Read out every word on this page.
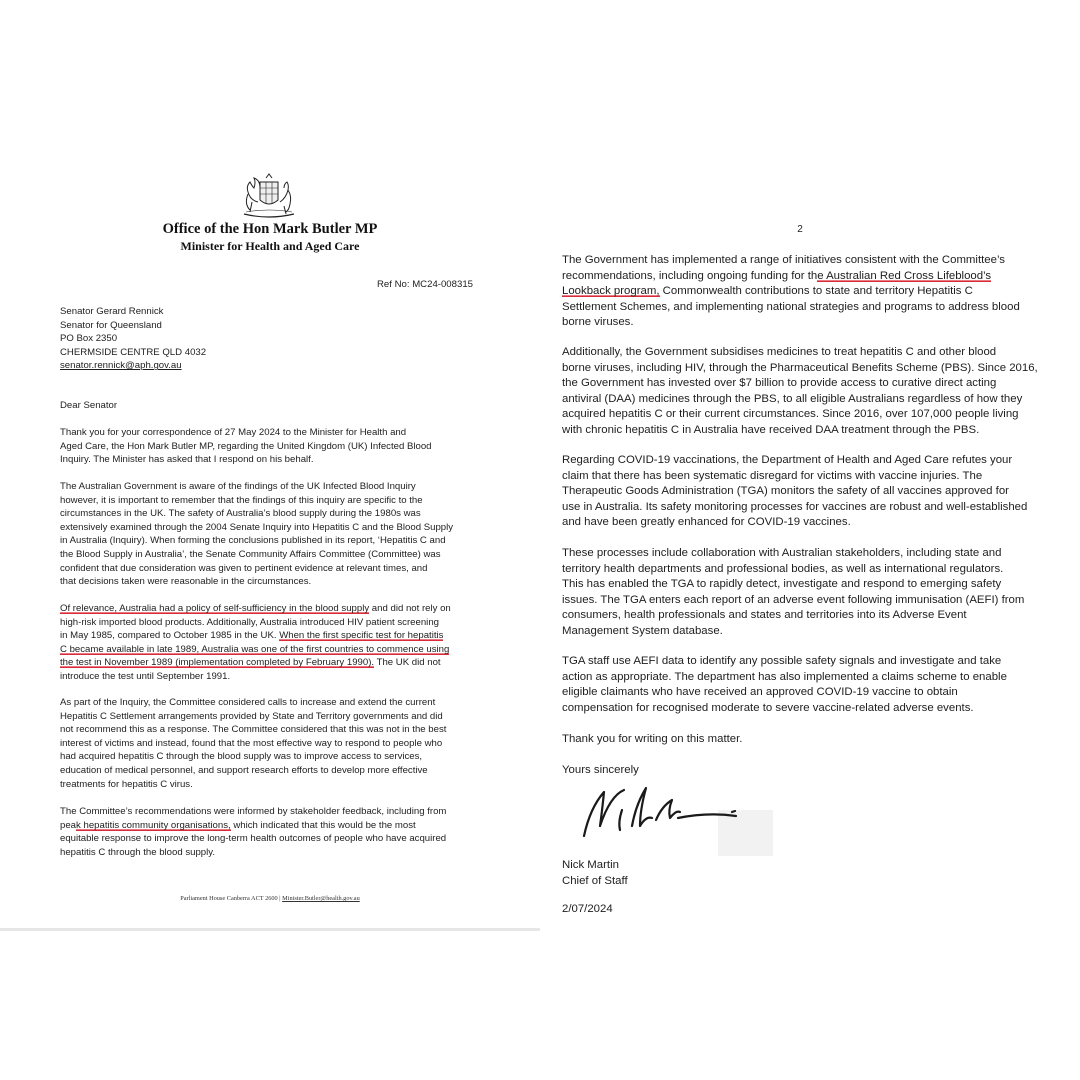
Office of the Hon Mark Butler MP
Minister for Health and Aged Care
Ref No: MC24-008315
Senator Gerard Rennick
Senator for Queensland
PO Box 2350
CHERMSIDE CENTRE QLD 4032
senator.rennick@aph.gov.au
Dear Senator
Thank you for your correspondence of 27 May 2024 to the Minister for Health and
Aged Care, the Hon Mark Butler MP, regarding the United Kingdom (UK) Infected Blood
Inquiry. The Minister has asked that I respond on his behalf.
The Australian Government is aware of the findings of the UK Infected Blood Inquiry
however, it is important to remember that the findings of this inquiry are specific to the
circumstances in the UK. The safety of Australia’s blood supply during the 1980s was
extensively examined through the 2004 Senate Inquiry into Hepatitis C and the Blood Supply
in Australia (Inquiry). When forming the conclusions published in its report, ‘Hepatitis C and
the Blood Supply in Australia’, the Senate Community Affairs Committee (Committee) was
confident that due consideration was given to pertinent evidence at relevant times, and
that decisions taken were reasonable in the circumstances.
Of relevance, Australia had a policy of self-sufficiency in the blood supply and did not rely on
high-risk imported blood products. Additionally, Australia introduced HIV patient screening
in May 1985, compared to October 1985 in the UK. When the first specific test for hepatitis
C became available in late 1989, Australia was one of the first countries to commence using
the test in November 1989 (implementation completed by February 1990). The UK did not
introduce the test until September 1991.
As part of the Inquiry, the Committee considered calls to increase and extend the current
Hepatitis C Settlement arrangements provided by State and Territory governments and did
not recommend this as a response. The Committee considered that this was not in the best
interest of victims and instead, found that the most effective way to respond to people who
had acquired hepatitis C through the blood supply was to improve access to services,
education of medical personnel, and support research efforts to develop more effective
treatments for hepatitis C virus.
The Committee’s recommendations were informed by stakeholder feedback, including from
peak hepatitis community organisations, which indicated that this would be the most
equitable response to improve the long-term health outcomes of people who have acquired
hepatitis C through the blood supply.
Parliament House Canberra ACT 2600 | Minister.Butler@health.gov.au
2
The Government has implemented a range of initiatives consistent with the Committee’s
recommendations, including ongoing funding for the Australian Red Cross Lifeblood’s
Lookback program, Commonwealth contributions to state and territory Hepatitis C
Settlement Schemes, and implementing national strategies and programs to address blood
borne viruses.
Additionally, the Government subsidises medicines to treat hepatitis C and other blood
borne viruses, including HIV, through the Pharmaceutical Benefits Scheme (PBS). Since 2016,
the Government has invested over $7 billion to provide access to curative direct acting
antiviral (DAA) medicines through the PBS, to all eligible Australians regardless of how they
acquired hepatitis C or their current circumstances. Since 2016, over 107,000 people living
with chronic hepatitis C in Australia have received DAA treatment through the PBS.
Regarding COVID-19 vaccinations, the Department of Health and Aged Care refutes your
claim that there has been systematic disregard for victims with vaccine injuries. The
Therapeutic Goods Administration (TGA) monitors the safety of all vaccines approved for
use in Australia. Its safety monitoring processes for vaccines are robust and well-established
and have been greatly enhanced for COVID-19 vaccines.
These processes include collaboration with Australian stakeholders, including state and
territory health departments and professional bodies, as well as international regulators.
This has enabled the TGA to rapidly detect, investigate and respond to emerging safety
issues. The TGA enters each report of an adverse event following immunisation (AEFI) from
consumers, health professionals and states and territories into its Adverse Event
Management System database.
TGA staff use AEFI data to identify any possible safety signals and investigate and take
action as appropriate. The department has also implemented a claims scheme to enable
eligible claimants who have received an approved COVID-19 vaccine to obtain
compensation for recognised moderate to severe vaccine-related adverse events.
Thank you for writing on this matter.
Yours sincerely
Nick Martin
Chief of Staff
2/07/2024
